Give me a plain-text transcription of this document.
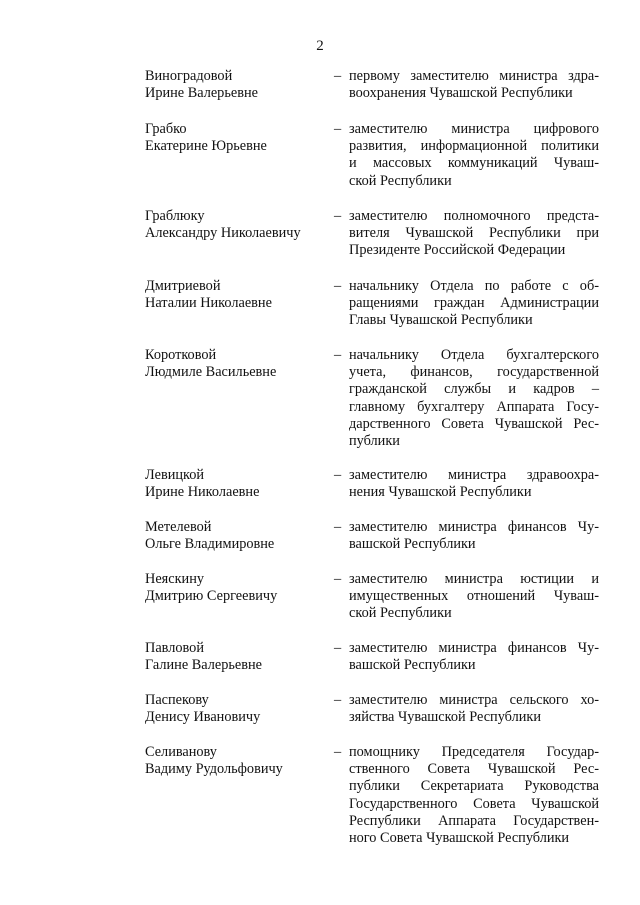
2
Виноградовой
Ирине Валерьевне
– первому заместителю министра здра-
воохранения Чувашской Республики
Грабко
Екатерине Юрьевне
– заместителю министра цифрового
развития, информационной политики
и массовых коммуникаций Чуваш-
ской Республики
Граблюку
Александру Николаевичу
– заместителю полномочного предста-
вителя Чувашской Республики при
Президенте Российской Федерации
Дмитриевой
Наталии Николаевне
– начальнику Отдела по работе с об-
ращениями граждан Администрации
Главы Чувашской Республики
Коротковой
Людмиле Васильевне
– начальнику Отдела бухгалтерского
учета, финансов, государственной
гражданской службы и кадров –
главному бухгалтеру Аппарата Госу-
дарственного Совета Чувашской Рес-
публики
Левицкой
Ирине Николаевне
– заместителю министра здравоохра-
нения Чувашской Республики
Метелевой
Ольге Владимировне
– заместителю министра финансов Чу-
вашской Республики
Неяскину
Дмитрию Сергеевичу
– заместителю министра юстиции и
имущественных отношений Чуваш-
ской Республики
Павловой
Галине Валерьевне
– заместителю министра финансов Чу-
вашской Республики
Паспекову
Денису Ивановичу
– заместителю министра сельского хо-
зяйства Чувашской Республики
Селиванову
Вадиму Рудольфовичу
– помощнику Председателя Государ-
ственного Совета Чувашской Рес-
публики Секретариата Руководства
Государственного Совета Чувашской
Республики Аппарата Государствен-
ного Совета Чувашской Республики
